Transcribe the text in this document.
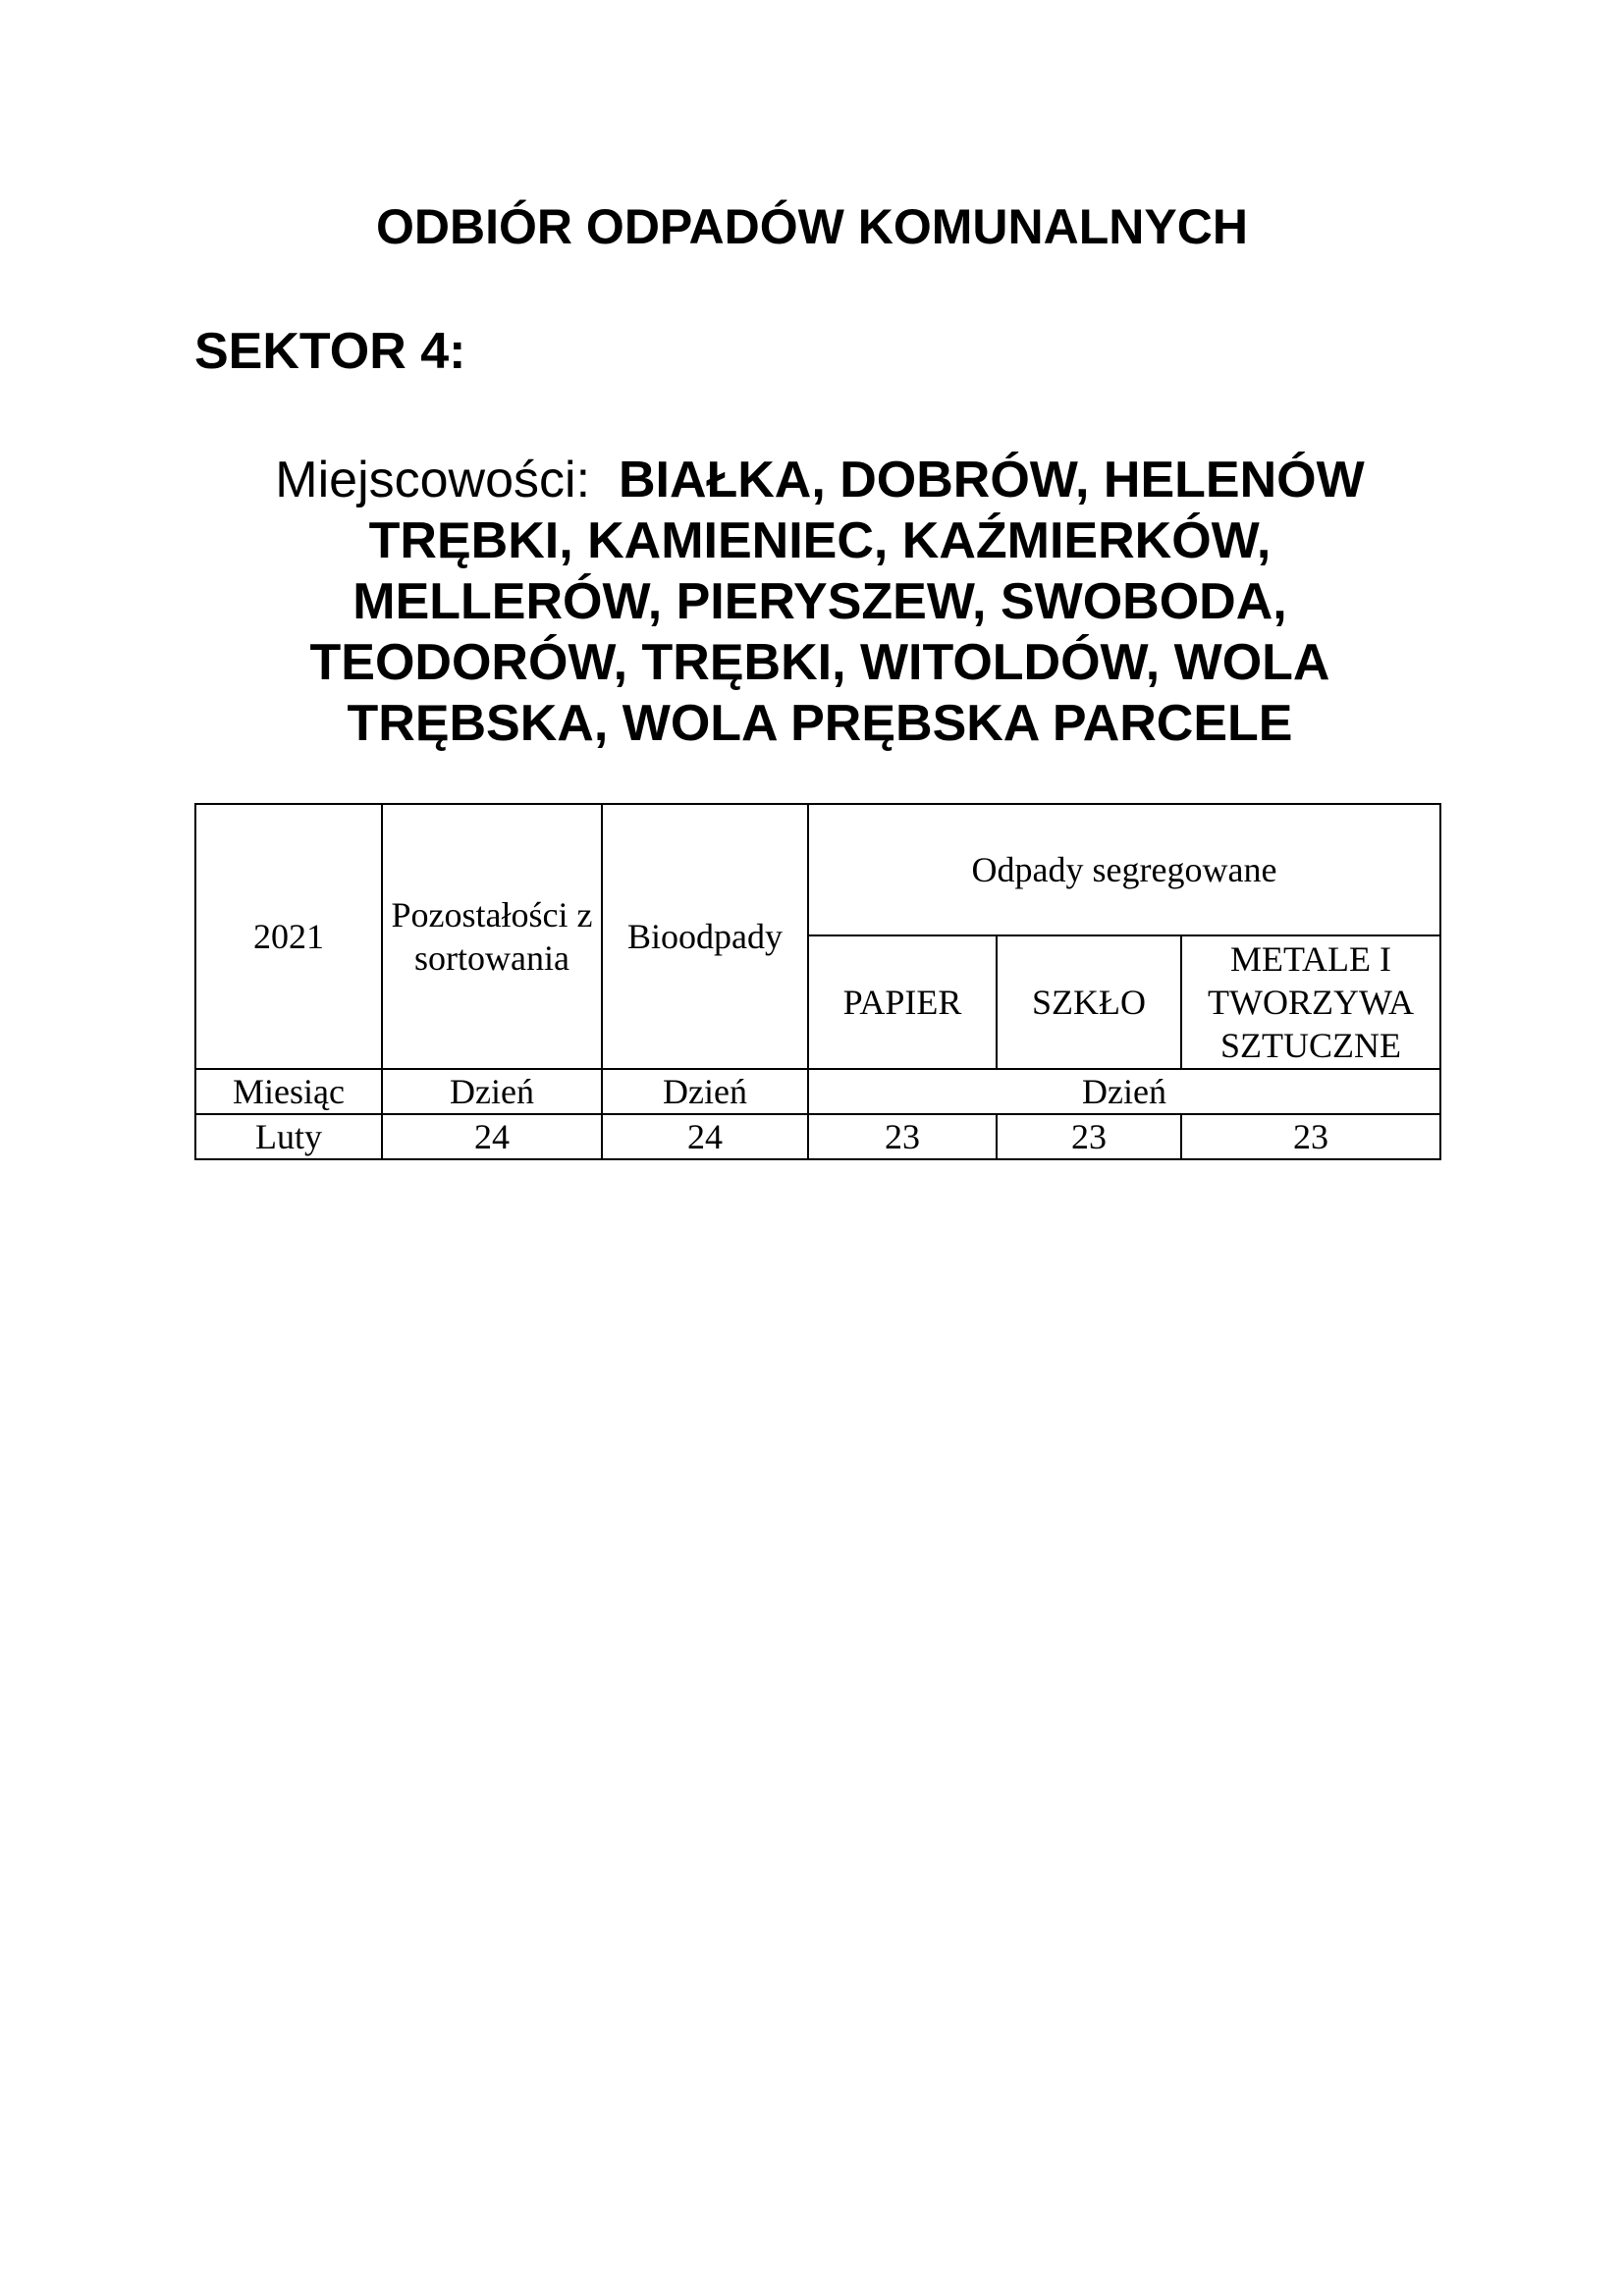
ODBIÓR ODPADÓW KOMUNALNYCH
SEKTOR 4:

Miejscowości: BIAŁKA, DOBRÓW, HELENÓW TRĘBKI, KAMIENIEC, KAŹMIERKÓW, MELLERÓW, PIERYSZEW, SWOBODA, TEODORÓW, TRĘBKI, WITOLDÓW, WOLA TRĘBSKA, WOLA PRĘBSKA PARCELE

2021	Pozostałości z sortowania	Bioodpady	Odpady segregowane		
			PAPIER	SZKŁO	METALE I TWORZYWA SZTUCZNE
Miesiąc	Dzień	Dzień	Dzień		
Luty	24	24	23	23	23
